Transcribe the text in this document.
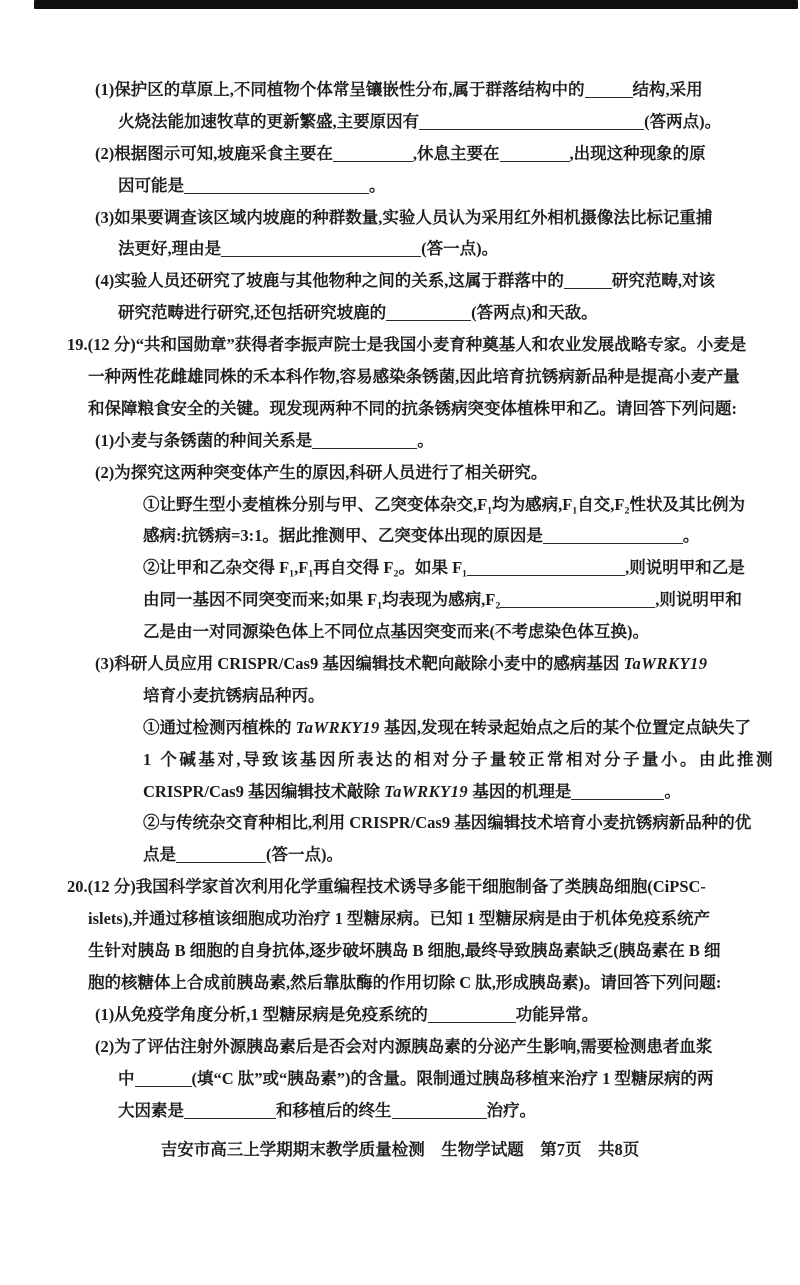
(1)保护区的草原上,不同植物个体常呈镶嵌性分布,属于群落结构中的	结构,采用
火烧法能加速牧草的更新繁盛,主要原因有	(答两点)。
(2)根据图示可知,坡鹿采食主要在	,休息主要在	,出现这种现象的原
因可能是	。
(3)如果要调查该区域内坡鹿的种群数量,实验人员认为采用红外相机摄像法比标记重捕
法更好,理由是	(答一点)。
(4)实验人员还研究了坡鹿与其他物种之间的关系,这属于群落中的	研究范畴,对该
研究范畴进行研究,还包括研究坡鹿的	(答两点)和天敌。
19.(12 分)“共和国勋章”获得者李振声院士是我国小麦育种奠基人和农业发展战略专家。小麦是
一种两性花雌雄同株的禾本科作物,容易感染条锈菌,因此培育抗锈病新品种是提高小麦产量
和保障粮食安全的关键。现发现两种不同的抗条锈病突变体植株甲和乙。请回答下列问题:
(1)小麦与条锈菌的种间关系是	。
(2)为探究这两种突变体产生的原因,科研人员进行了相关研究。
①让野生型小麦植株分别与甲、乙突变体杂交,F₁均为感病,F₁自交,F₂性状及其比例为
感病:抗锈病=3:1。据此推测甲、乙突变体出现的原因是	。
②让甲和乙杂交得 F₁,F₁再自交得 F₂。如果 F₁	,则说明甲和乙是
由同一基因不同突变而来;如果 F₁均表现为感病,F₂	,则说明甲和
乙是由一对同源染色体上不同位点基因突变而来(不考虑染色体互换)。
(3)科研人员应用 CRISPR/Cas9 基因编辑技术靶向敲除小麦中的感病基因 TaWRKY19
培育小麦抗锈病品种丙。
①通过检测丙植株的 TaWRKY19 基因,发现在转录起始点之后的某个位置定点缺失了
1 个碱基对,导致该基因所表达的相对分子量较正常相对分子量小。由此推测
CRISPR/Cas9 基因编辑技术敲除 TaWRKY19 基因的机理是	。
②与传统杂交育种相比,利用 CRISPR/Cas9 基因编辑技术培育小麦抗锈病新品种的优
点是	(答一点)。
20.(12 分)我国科学家首次利用化学重编程技术诱导多能干细胞制备了类胰岛细胞(CiPSC-
islets),并通过移植该细胞成功治疗 1 型糖尿病。已知 1 型糖尿病是由于机体免疫系统产
生针对胰岛 B 细胞的自身抗体,逐步破坏胰岛 B 细胞,最终导致胰岛素缺乏(胰岛素在 B 细
胞的核糖体上合成前胰岛素,然后靠肽酶的作用切除 C 肽,形成胰岛素)。请回答下列问题:
(1)从免疫学角度分析,1 型糖尿病是免疫系统的	功能异常。
(2)为了评估注射外源胰岛素后是否会对内源胰岛素的分泌产生影响,需要检测患者血浆
中	(填“C 肽”或“胰岛素”)的含量。限制通过胰岛移植来治疗 1 型糖尿病的两
大因素是	和移植后的终生	治疗。
吉安市高三上学期期末教学质量检测　生物学试题　第7页　共8页
